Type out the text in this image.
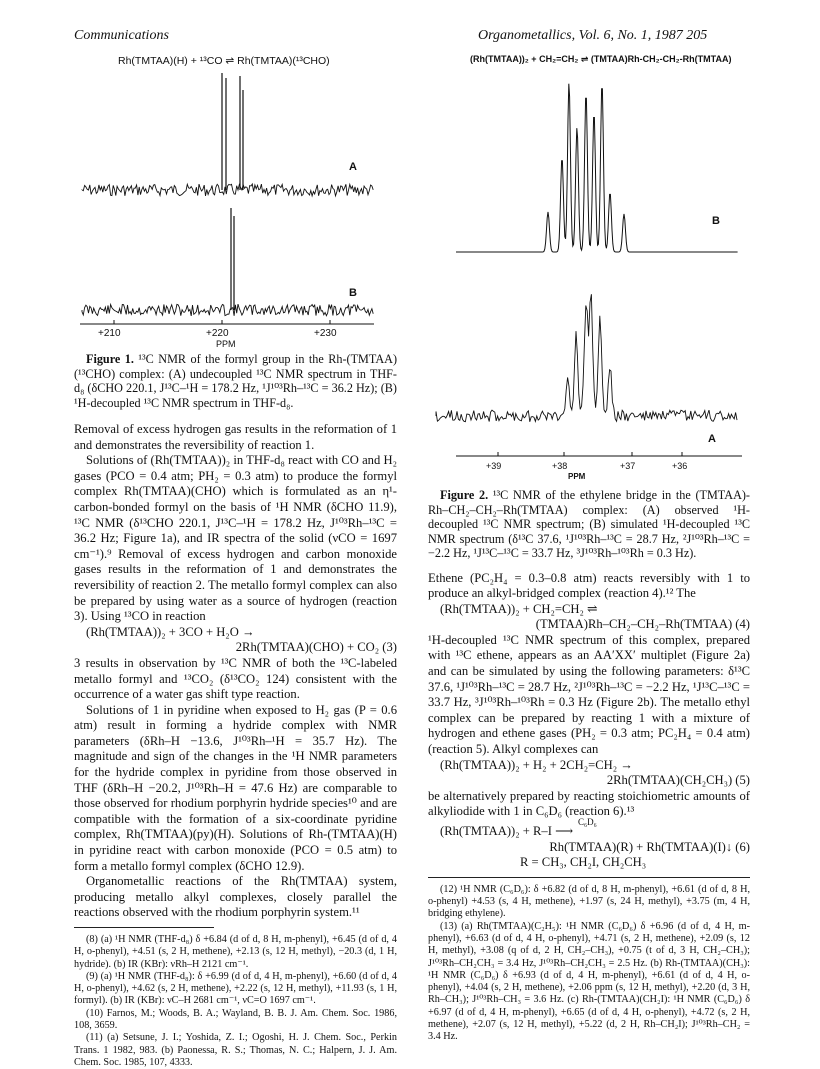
Communications	Organometallics, Vol. 6, No. 1, 1987 205
Rh(TMTAA)(H) + ¹³CO ⇌ Rh(TMTAA)(¹³CHO)
A
B
+210	+220	+230
PPM
(Rh(TMTAA))₂ + CH₂=CH₂ ⇌ (TMTAA)Rh-CH₂-CH₂-Rh(TMTAA)
B
A
+39	+38	+37	+36
PPM

Figure 1. ¹³C NMR of the formyl group in the Rh-(TMTAA)(¹³CHO) complex: (A) undecoupled ¹³C NMR spectrum in THF-d₈ (δCHO 220.1, J¹³C–¹H = 178.2 Hz, ¹J¹⁰³Rh–¹³C = 36.2 Hz); (B) ¹H-decoupled ¹³C NMR spectrum in THF-d₈.

Removal of excess hydrogen gas results in the reformation of 1 and demonstrates the reversibility of reaction 1.

Solutions of (Rh(TMTAA))₂ in THF-d₈ react with CO and H₂ gases (PCO = 0.4 atm; PH₂ = 0.3 atm) to produce the formyl complex Rh(TMTAA)(CHO) which is formulated as an η¹-carbon-bonded formyl on the basis of ¹H NMR (δCHO 11.9), ¹³C NMR (δ¹³CHO 220.1, J¹³C–¹H = 178.2 Hz, J¹⁰³Rh–¹³C = 36.2 Hz; Figure 1a), and IR spectra of the solid (νCO = 1697 cm⁻¹).⁹ Removal of excess hydrogen and carbon monoxide gases results in the reformation of 1 and demonstrates the reversibility of reaction 2. The metallo formyl complex can also be prepared by using water as a source of hydrogen (reaction 3). Using ¹³CO in reaction

(Rh(TMTAA))₂ + 3CO + H₂O →

2Rh(TMTAA)(CHO) + CO₂ (3)

3 results in observation by ¹³C NMR of both the ¹³C-labeled metallo formyl and ¹³CO₂ (δ¹³CO₂ 124) consistent with the occurrence of a water gas shift type reaction.

Solutions of 1 in pyridine when exposed to H₂ gas (P = 0.6 atm) result in forming a hydride complex with NMR parameters (δRh–H −13.6, J¹⁰³Rh–¹H = 35.7 Hz). The magnitude and sign of the changes in the ¹H NMR parameters for the hydride complex in pyridine from those observed in THF (δRh–H −20.2, J¹⁰³Rh–H = 47.6 Hz) are comparable to those observed for rhodium porphyrin hydride species¹⁰ and are compatible with the formation of a six-coordinate pyridine complex, Rh(TMTAA)(py)(H). Solutions of Rh-(TMTAA)(H) in pyridine react with carbon monoxide (PCO = 0.5 atm) to form a metallo formyl complex (δCHO 12.9).

Organometallic reactions of the Rh(TMTAA) system, producing metallo alkyl complexes, closely parallel the reactions observed with the rhodium porphyrin system.¹¹

(8) (a) ¹H NMR (THF-d₈) δ +6.84 (d of d, 8 H, m-phenyl), +6.45 (d of d, 4 H, o-phenyl), +4.51 (s, 2 H, methene), +2.13 (s, 12 H, methyl), −20.3 (d, 1 H, hydride). (b) IR (KBr): νRh–H 2121 cm⁻¹.

(9) (a) ¹H NMR (THF-d₈): δ +6.99 (d of d, 4 H, m-phenyl), +6.60 (d of d, 4 H, o-phenyl), +4.62 (s, 2 H, methene), +2.22 (s, 12 H, methyl), +11.93 (s, 1 H, formyl). (b) IR (KBr): νC–H 2681 cm⁻¹, νC=O 1697 cm⁻¹.

(10) Farnos, M.; Woods, B. A.; Wayland, B. B. J. Am. Chem. Soc. 1986, 108, 3659.

(11) (a) Setsune, J. I.; Yoshida, Z. I.; Ogoshi, H. J. Chem. Soc., Perkin Trans. 1 1982, 983. (b) Paonessa, R. S.; Thomas, N. C.; Halpern, J. J. Am. Chem. Soc. 1985, 107, 4333.

Figure 2. ¹³C NMR of the ethylene bridge in the (TMTAA)-Rh–CH₂–CH₂–Rh(TMTAA) complex: (A) observed ¹H-decoupled ¹³C NMR spectrum; (B) simulated ¹H-decoupled ¹³C NMR spectrum (δ¹³C 37.6, ¹J¹⁰³Rh–¹³C = 28.7 Hz, ²J¹⁰³Rh–¹³C = −2.2 Hz, ¹J¹³C–¹³C = 33.7 Hz, ³J¹⁰³Rh–¹⁰³Rh = 0.3 Hz).

Ethene (PC₂H₄ = 0.3–0.8 atm) reacts reversibly with 1 to produce an alkyl-bridged complex (reaction 4).¹² The

(Rh(TMTAA))₂ + CH₂=CH₂ ⇌

(TMTAA)Rh–CH₂–CH₂–Rh(TMTAA) (4)

¹H-decoupled ¹³C NMR spectrum of this complex, prepared with ¹³C ethene, appears as an AA′XX′ multiplet (Figure 2a) and can be simulated by using the following parameters: δ¹³C 37.6, ¹J¹⁰³Rh–¹³C = 28.7 Hz, ²J¹⁰³Rh–¹³C = −2.2 Hz, ¹J¹³C–¹³C = 33.7 Hz, ³J¹⁰³Rh–¹⁰³Rh = 0.3 Hz (Figure 2b). The metallo ethyl complex can be prepared by reacting 1 with a mixture of hydrogen and ethene gases (PH₂ = 0.3 atm; PC₂H₄ = 0.4 atm) (reaction 5). Alkyl complexes can

(Rh(TMTAA))₂ + H₂ + 2CH₂=CH₂ →

2Rh(TMTAA)(CH₂CH₃) (5)

be alternatively prepared by reacting stoichiometric amounts of alkyliodide with 1 in C₆D₆ (reaction 6).¹³

C₆D₆

(Rh(TMTAA))₂ + R–I ⟶

Rh(TMTAA)(R) + Rh(TMTAA)(I)↓ (6)

R = CH₃, CH₂I, CH₂CH₃

(12) ¹H NMR (C₆D₆): δ +6.82 (d of d, 8 H, m-phenyl), +6.61 (d of d, 8 H, o-phenyl) +4.53 (s, 4 H, methene), +1.97 (s, 24 H, methyl), +3.75 (m, 4 H, bridging ethylene).

(13) (a) Rh(TMTAA)(C₂H₅): ¹H NMR (C₆D₆) δ +6.96 (d of d, 4 H, m-phenyl), +6.63 (d of d, 4 H, o-phenyl), +4.71 (s, 2 H, methene), +2.09 (s, 12 H, methyl), +3.08 (q of d, 2 H, CH₂–CH₃), +0.75 (t of d, 3 H, CH₂–CH₃); J¹⁰³Rh–CH₂CH₃ = 3.4 Hz, J¹⁰³Rh–CH₂CH₃ = 2.5 Hz. (b) Rh-(TMTAA)(CH₃): ¹H NMR (C₆D₆) δ +6.93 (d of d, 4 H, m-phenyl), +6.61 (d of d, 4 H, o-phenyl), +4.04 (s, 2 H, methene), +2.06 ppm (s, 12 H, methyl), +2.20 (d, 3 H, Rh–CH₃); J¹⁰³Rh–CH₃ = 3.6 Hz. (c) Rh-(TMTAA)(CH₂I): ¹H NMR (C₆D₆) δ +6.97 (d of d, 4 H, m-phenyl), +6.65 (d of d, 4 H, o-phenyl), +4.72 (s, 2 H, methene), +2.07 (s, 12 H, methyl), +5.22 (d, 2 H, Rh–CH₂I); J¹⁰³Rh–CH₂ = 3.4 Hz.
